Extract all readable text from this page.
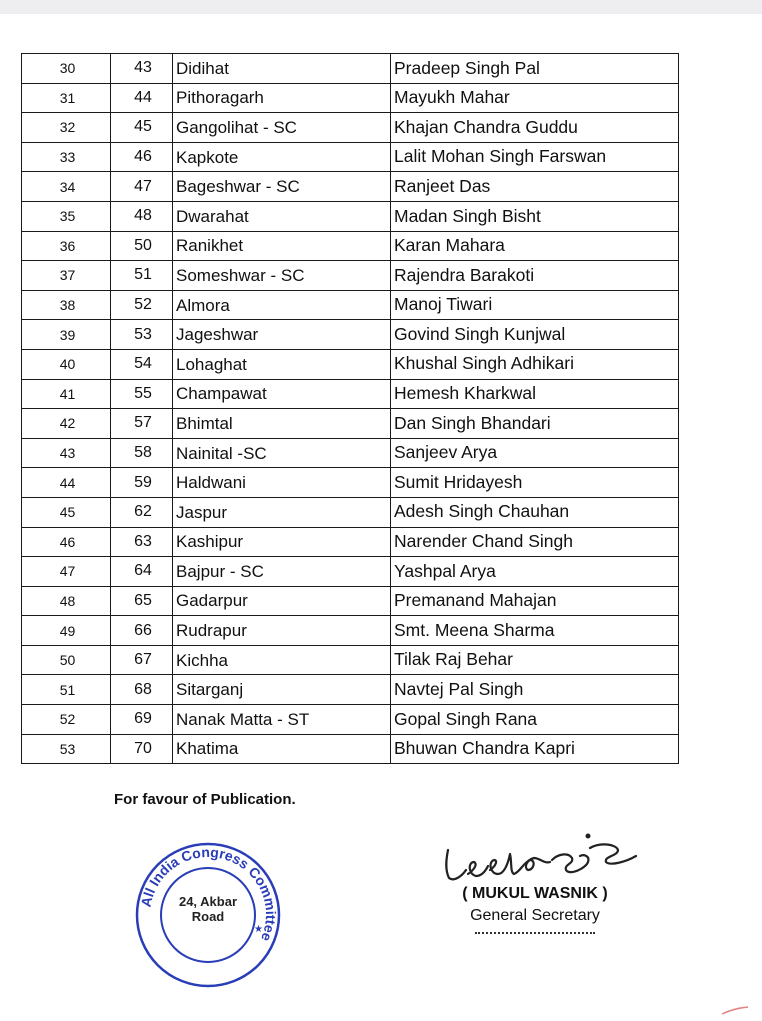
30	43	Didihat	Pradeep Singh Pal
31	44	Pithoragarh	Mayukh Mahar
32	45	Gangolihat - SC	Khajan Chandra Guddu
33	46	Kapkote	Lalit Mohan Singh Farswan
34	47	Bageshwar - SC	Ranjeet Das
35	48	Dwarahat	Madan Singh Bisht
36	50	Ranikhet	Karan Mahara
37	51	Someshwar - SC	Rajendra Barakoti
38	52	Almora	Manoj Tiwari
39	53	Jageshwar	Govind Singh Kunjwal
40	54	Lohaghat	Khushal Singh Adhikari
41	55	Champawat	Hemesh Kharkwal
42	57	Bhimtal	Dan Singh Bhandari
43	58	Nainital -SC	Sanjeev Arya
44	59	Haldwani	Sumit Hridayesh
45	62	Jaspur	Adesh Singh Chauhan
46	63	Kashipur	Narender Chand Singh
47	64	Bajpur - SC	Yashpal Arya
48	65	Gadarpur	Premanand Mahajan
49	66	Rudrapur	Smt. Meena Sharma
50	67	Kichha	Tilak Raj Behar
51	68	Sitarganj	Navtej Pal Singh
52	69	Nanak Matta - ST	Gopal Singh Rana
53	70	Khatima	Bhuwan Chandra Kapri
For favour of Publication.
All India Congress Committee
24, Akbar
Road
★
( MUKUL WASNIK )
General Secretary
